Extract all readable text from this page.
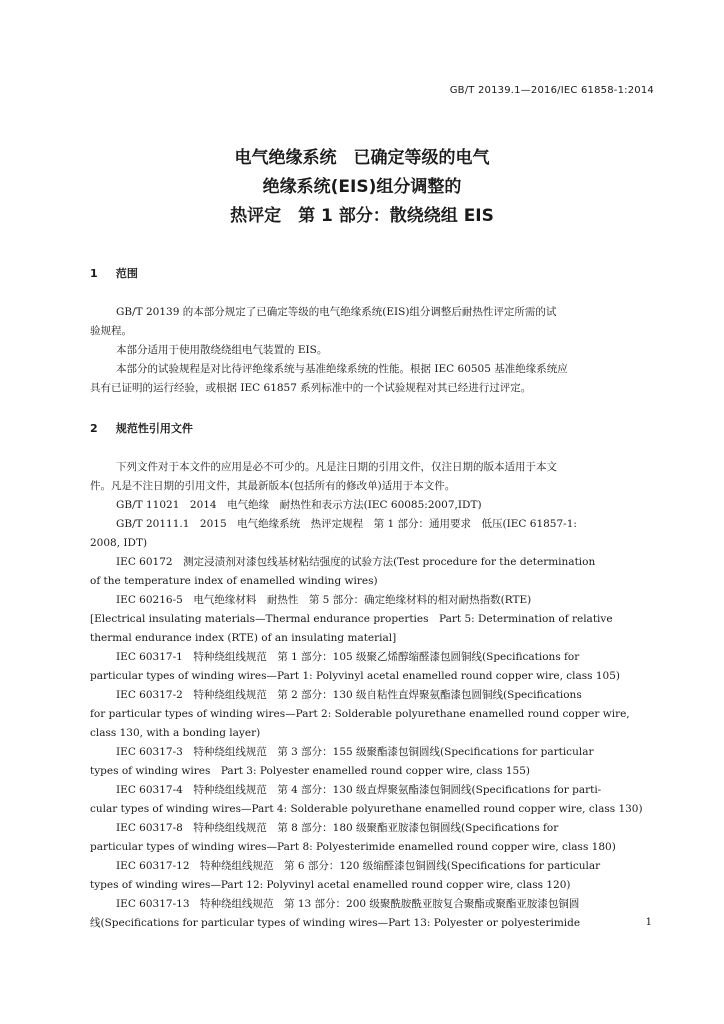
GB/T 20139.1—2016/IEC 61858-1:2014
电气绝缘系统　已确定等级的电气
绝缘系统(EIS)组分调整的
热评定　第 1 部分：散绕绕组 EIS
1 范围
GB/T 20139 的本部分规定了已确定等级的电气绝缘系统(EIS)组分调整后耐热性评定所需的试
验规程。
本部分适用于使用散绕绕组电气装置的 EIS。
本部分的试验规程是对比待评绝缘系统与基准绝缘系统的性能。根据 IEC 60505 基准绝缘系统应
具有已证明的运行经验，或根据 IEC 61857 系列标准中的一个试验规程对其已经进行过评定。
2 规范性引用文件
下列文件对于本文件的应用是必不可少的。凡是注日期的引用文件，仅注日期的版本适用于本文
件。凡是不注日期的引用文件，其最新版本(包括所有的修改单)适用于本文件。
GB/T 11021　2014　电气绝缘　耐热性和表示方法(IEC 60085:2007,IDT)
GB/T 20111.1　2015　电气绝缘系统　热评定规程　第 1 部分：通用要求　低压(IEC 61857-1:
2008, IDT)
IEC 60172　测定浸渍剂对漆包线基材粘结强度的试验方法(Test procedure for the determination
of the temperature index of enamelled winding wires)
IEC 60216-5　电气绝缘材料　耐热性　第 5 部分：确定绝缘材料的相对耐热指数(RTE)
[Electrical insulating materials—Thermal endurance properties　Part 5: Determination of relative
thermal endurance index (RTE) of an insulating material]
IEC 60317-1　特种绕组线规范　第 1 部分：105 级聚乙烯醇缩醛漆包圆铜线(Specifications for
particular types of winding wires—Part 1: Polyvinyl acetal enamelled round copper wire, class 105)
IEC 60317-2　特种绕组线规范　第 2 部分：130 级自粘性直焊聚氨酯漆包圆铜线(Specifications
for particular types of winding wires—Part 2: Solderable polyurethane enamelled round copper wire,
class 130, with a bonding layer)
IEC 60317-3　特种绕组线规范　第 3 部分：155 级聚酯漆包铜圆线(Specifications for particular
types of winding wires　Part 3: Polyester enamelled round copper wire, class 155)
IEC 60317-4　特种绕组线规范　第 4 部分：130 级直焊聚氨酯漆包铜圆线(Specifications for parti-
cular types of winding wires—Part 4: Solderable polyurethane enamelled round copper wire, class 130)
IEC 60317-8　特种绕组线规范　第 8 部分：180 级聚酯亚胺漆包铜圆线(Specifications for
particular types of winding wires—Part 8: Polyesterimide enamelled round copper wire, class 180)
IEC 60317-12　特种绕组线规范　第 6 部分：120 级缩醛漆包铜圆线(Specifications for particular
types of winding wires—Part 12: Polyvinyl acetal enamelled round copper wire, class 120)
IEC 60317-13　特种绕组线规范　第 13 部分：200 级聚酰胺酰亚胺复合聚酯或聚酯亚胺漆包铜圆
线(Specifications for particular types of winding wires—Part 13: Polyester or polyesterimide	1
